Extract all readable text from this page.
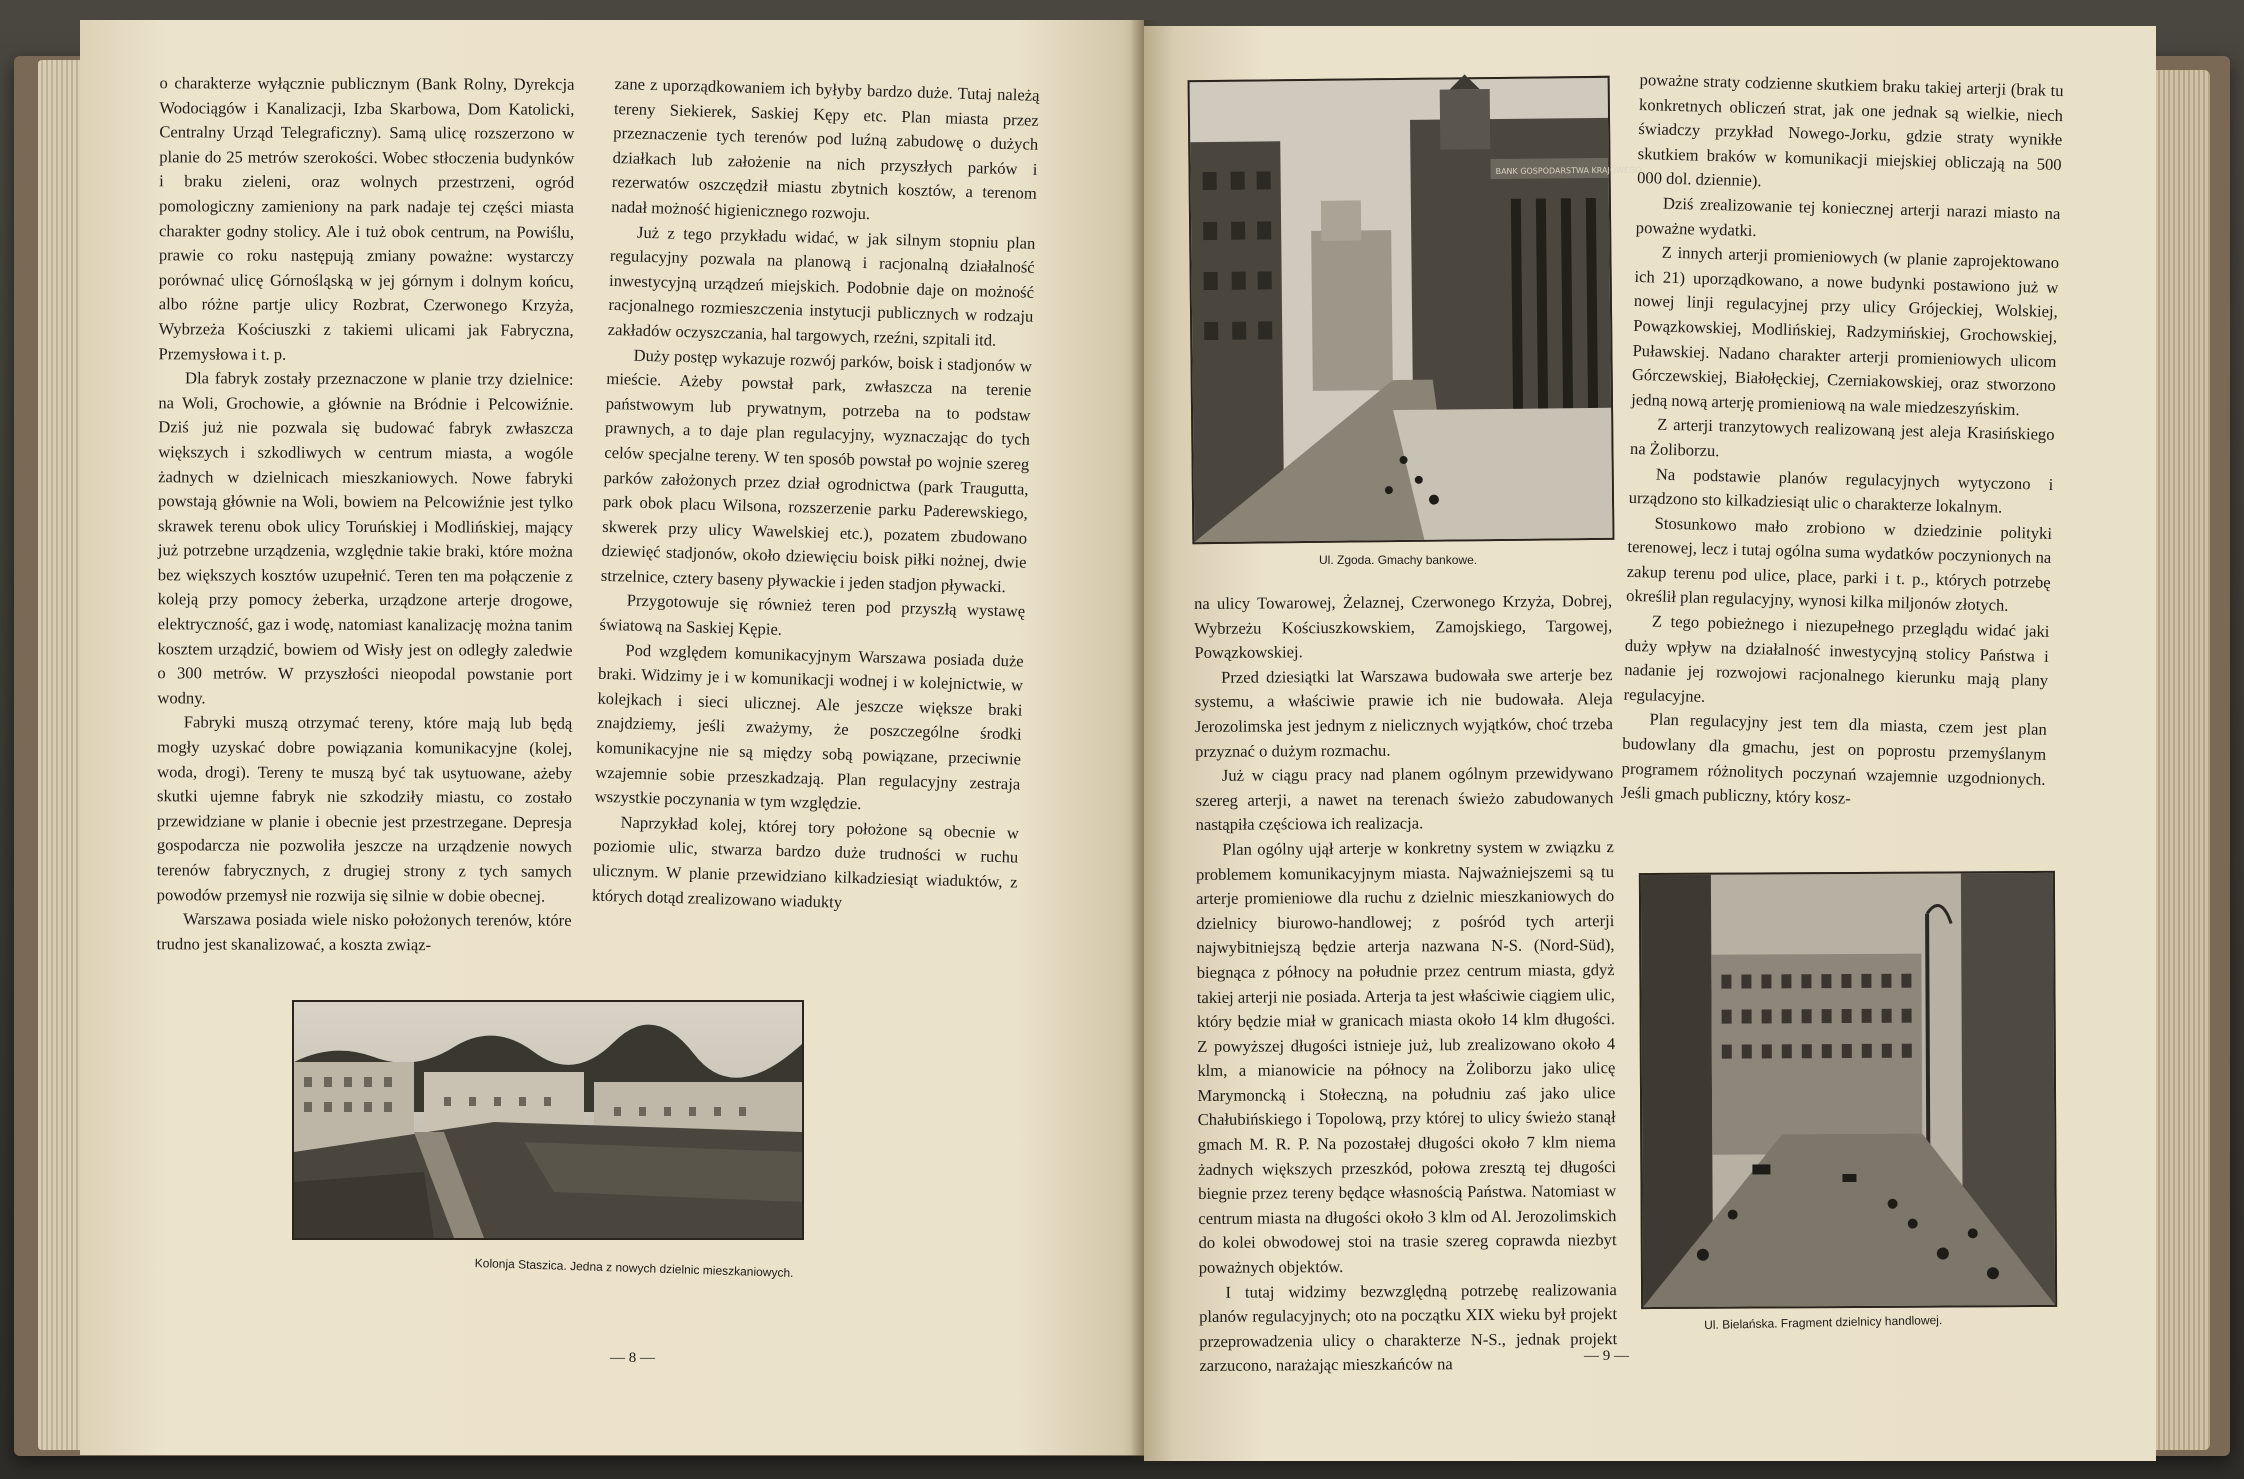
o charakterze wyłącznie publicznym (Bank Rolny, Dyrekcja Wodociągów i Kanalizacji, Izba Skarbowa, Dom Katolicki, Centralny Urząd Telegraficzny). Samą ulicę rozszerzono w planie do 25 metrów szerokości. Wobec stłoczenia budynków i braku zieleni, oraz wolnych przestrzeni, ogród pomologiczny zamieniony na park nadaje tej części miasta charakter godny stolicy. Ale i tuż obok centrum, na Powiślu, prawie co roku następują zmiany poważne: wystarczy porównać ulicę Górnośląską w jej górnym i dolnym końcu, albo różne partje ulicy Rozbrat, Czerwonego Krzyża, Wybrzeża Kościuszki z takiemi ulicami jak Fabryczna, Przemysłowa i t. p.

Dla fabryk zostały przeznaczone w planie trzy dzielnice: na Woli, Grochowie, a głównie na Bródnie i Pelcowiźnie. Dziś już nie pozwala się budować fabryk zwłaszcza większych i szkodliwych w centrum miasta, a wogóle żadnych w dzielnicach mieszkaniowych. Nowe fabryki powstają głównie na Woli, bowiem na Pelcowiźnie jest tylko skrawek terenu obok ulicy Toruńskiej i Modlińskiej, mający już potrzebne urządzenia, względnie takie braki, które można bez większych kosztów uzupełnić. Teren ten ma połączenie z koleją przy pomocy żeberka, urządzone arterje drogowe, elektryczność, gaz i wodę, natomiast kanalizację można tanim kosztem urządzić, bowiem od Wisły jest on odległy zaledwie o 300 metrów. W przyszłości nieopodal powstanie port wodny.

Fabryki muszą otrzymać tereny, które mają lub będą mogły uzyskać dobre powiązania komunikacyjne (kolej, woda, drogi). Tereny te muszą być tak usytuowane, ażeby skutki ujemne fabryk nie szkodziły miastu, co zostało przewidziane w planie i obecnie jest przestrzegane. Depresja gospodarcza nie pozwoliła jeszcze na urządzenie nowych terenów fabrycznych, z drugiej strony z tych samych powodów przemysł nie rozwija się silnie w dobie obecnej.

Warszawa posiada wiele nisko położonych terenów, które trudno jest skanalizować, a koszta związ-

zane z uporządkowaniem ich byłyby bardzo duże. Tutaj należą tereny Siekierek, Saskiej Kępy etc. Plan miasta przez przeznaczenie tych terenów pod luźną zabudowę o dużych działkach lub założenie na nich przyszłych parków i rezerwatów oszczędził miastu zbytnich kosztów, a terenom nadał możność higienicznego rozwoju.

Już z tego przykładu widać, w jak silnym stopniu plan regulacyjny pozwala na planową i racjonalną działalność inwestycyjną urządzeń miejskich. Podobnie daje on możność racjonalnego rozmieszczenia instytucji publicznych w rodzaju zakładów oczyszczania, hal targowych, rzeźni, szpitali itd.

Duży postęp wykazuje rozwój parków, boisk i stadjonów w mieście. Ażeby powstał park, zwłaszcza na terenie państwowym lub prywatnym, potrzeba na to podstaw prawnych, a to daje plan regulacyjny, wyznaczając do tych celów specjalne tereny. W ten sposób powstał po wojnie szereg parków założonych przez dział ogrodnictwa (park Traugutta, park obok placu Wilsona, rozszerzenie parku Paderewskiego, skwerek przy ulicy Wawelskiej etc.), pozatem zbudowano dziewięć stadjonów, około dziewięciu boisk piłki nożnej, dwie strzelnice, cztery baseny pływackie i jeden stadjon pływacki.

Przygotowuje się również teren pod przyszłą wystawę światową na Saskiej Kępie.

Pod względem komunikacyjnym Warszawa posiada duże braki. Widzimy je i w komunikacji wodnej i w kolejnictwie, w kolejkach i sieci ulicznej. Ale jeszcze większe braki znajdziemy, jeśli zważymy, że poszczególne środki komunikacyjne nie są między sobą powiązane, przeciwnie wzajemnie sobie przeszkadzają. Plan regulacyjny zestraja wszystkie poczynania w tym względzie.

Naprzykład kolej, której tory położone są obecnie w poziomie ulic, stwarza bardzo duże trudności w ruchu ulicznym. W planie przewidziano kilkadziesiąt wiaduktów, z których dotąd zrealizowano wiadukty

Kolonja Staszica. Jedna z nowych dzielnic mieszkaniowych.
— 8 —
BANK GOSPODARSTWA KRAJOWEGO
Ul. Zgoda. Gmachy bankowe.

na ulicy Towarowej, Żelaznej, Czerwonego Krzyża, Dobrej, Wybrzeżu Kościuszkowskiem, Zamojskiego, Targowej, Powązkowskiej.

Przed dziesiątki lat Warszawa budowała swe arterje bez systemu, a właściwie prawie ich nie budowała. Aleja Jerozolimska jest jednym z nielicznych wyjątków, choć trzeba przyznać o dużym rozmachu.

Już w ciągu pracy nad planem ogólnym przewidywano szereg arterji, a nawet na terenach świeżo zabudowanych nastąpiła częściowa ich realizacja.

Plan ogólny ujął arterje w konkretny system w związku z problemem komunikacyjnym miasta. Najważniejszemi są tu arterje promieniowe dla ruchu z dzielnic mieszkaniowych do dzielnicy biurowo-handlowej; z pośród tych arterji najwybitniejszą będzie arterja nazwana N-S. (Nord-Süd), biegnąca z północy na południe przez centrum miasta, gdyż takiej arterji nie posiada. Arterja ta jest właściwie ciągiem ulic, który będzie miał w granicach miasta około 14 klm długości. Z powyższej długości istnieje już, lub zrealizowano około 4 klm, a mianowicie na północy na Żoliborzu jako ulicę Marymoncką i Stołeczną, na południu zaś jako ulice Chałubińskiego i Topolową, przy której to ulicy świeżo stanął gmach M. R. P. Na pozostałej długości około 7 klm niema żadnych większych przeszkód, połowa zresztą tej długości biegnie przez tereny będące własnością Państwa. Natomiast w centrum miasta na długości około 3 klm od Al. Jerozolimskich do kolei obwodowej stoi na trasie szereg coprawda niezbyt poważnych objektów.

I tutaj widzimy bezwzględną potrzebę realizowania planów regulacyjnych; oto na początku XIX wieku był projekt przeprowadzenia ulicy o charakterze N-S., jednak projekt zarzucono, narażając mieszkańców na

poważne straty codzienne skutkiem braku takiej arterji (brak tu konkretnych obliczeń strat, jak one jednak są wielkie, niech świadczy przykład Nowego-Jorku, gdzie straty wynikłe skutkiem braków w komunikacji miejskiej obliczają na 500 000 dol. dziennie).

Dziś zrealizowanie tej koniecznej arterji narazi miasto na poważne wydatki.

Z innych arterji promieniowych (w planie zaprojektowano ich 21) uporządkowano, a nowe budynki postawiono już w nowej linji regulacyjnej przy ulicy Grójeckiej, Wolskiej, Powązkowskiej, Modlińskiej, Radzymińskiej, Grochowskiej, Puławskiej. Nadano charakter arterji promieniowych ulicom Górczewskiej, Białołęckiej, Czerniakowskiej, oraz stworzono jedną nową arterję promieniową na wale miedzeszyńskim.

Z arterji tranzytowych realizowaną jest aleja Krasińskiego na Żoliborzu.

Na podstawie planów regulacyjnych wytyczono i urządzono sto kilkadziesiąt ulic o charakterze lokalnym.

Stosunkowo mało zrobiono w dziedzinie polityki terenowej, lecz i tutaj ogólna suma wydatków poczynionych na zakup terenu pod ulice, place, parki i t. p., których potrzebę określił plan regulacyjny, wynosi kilka miljonów złotych.

Z tego pobieżnego i niezupełnego przeglądu widać jaki duży wpływ na działalność inwestycyjną stolicy Państwa i nadanie jej rozwojowi racjonalnego kierunku mają plany regulacyjne.

Plan regulacyjny jest tem dla miasta, czem jest plan budowlany dla gmachu, jest on poprostu przemyślanym programem różnolitych poczynań wzajemnie uzgodnionych. Jeśli gmach publiczny, który kosz-

Ul. Bielańska. Fragment dzielnicy handlowej.
— 9 —
